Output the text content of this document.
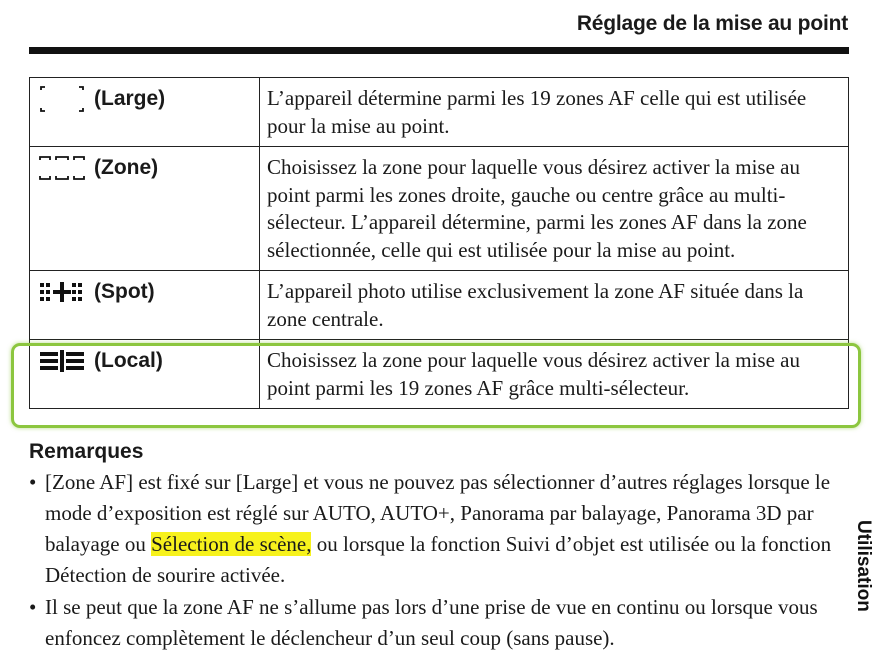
Réglage de la mise au point
(Large)	L’appareil détermine parmi les 19 zones AF celle qui est utilisée pour la mise au point.

(Zone)	Choisissez la zone pour laquelle vous désirez activer la mise au point parmi les zones droite, gauche ou centre grâce au multi-sélecteur. L’appareil détermine, parmi les zones AF dans la zone sélectionnée, celle qui est utilisée pour la mise au point.

(Spot)	L’appareil photo utilise exclusivement la zone AF située dans la zone centrale.

(Local)	Choisissez la zone pour laquelle vous désirez activer la mise au point parmi les 19 zones AF grâce multi-sélecteur.
Remarques
• [Zone AF] est fixé sur [Large] et vous ne pouvez pas sélectionner d’autres réglages lorsque le mode d’exposition est réglé sur AUTO, AUTO+, Panorama par balayage, Panorama 3D par balayage ou Sélection de scène, ou lorsque la fonction Suivi d’objet est utilisée ou la fonction Détection de sourire activée.
• Il se peut que la zone AF ne s’allume pas lors d’une prise de vue en continu ou lorsque vous enfoncez complètement le déclencheur d’un seul coup (sans pause).
Utilisation
